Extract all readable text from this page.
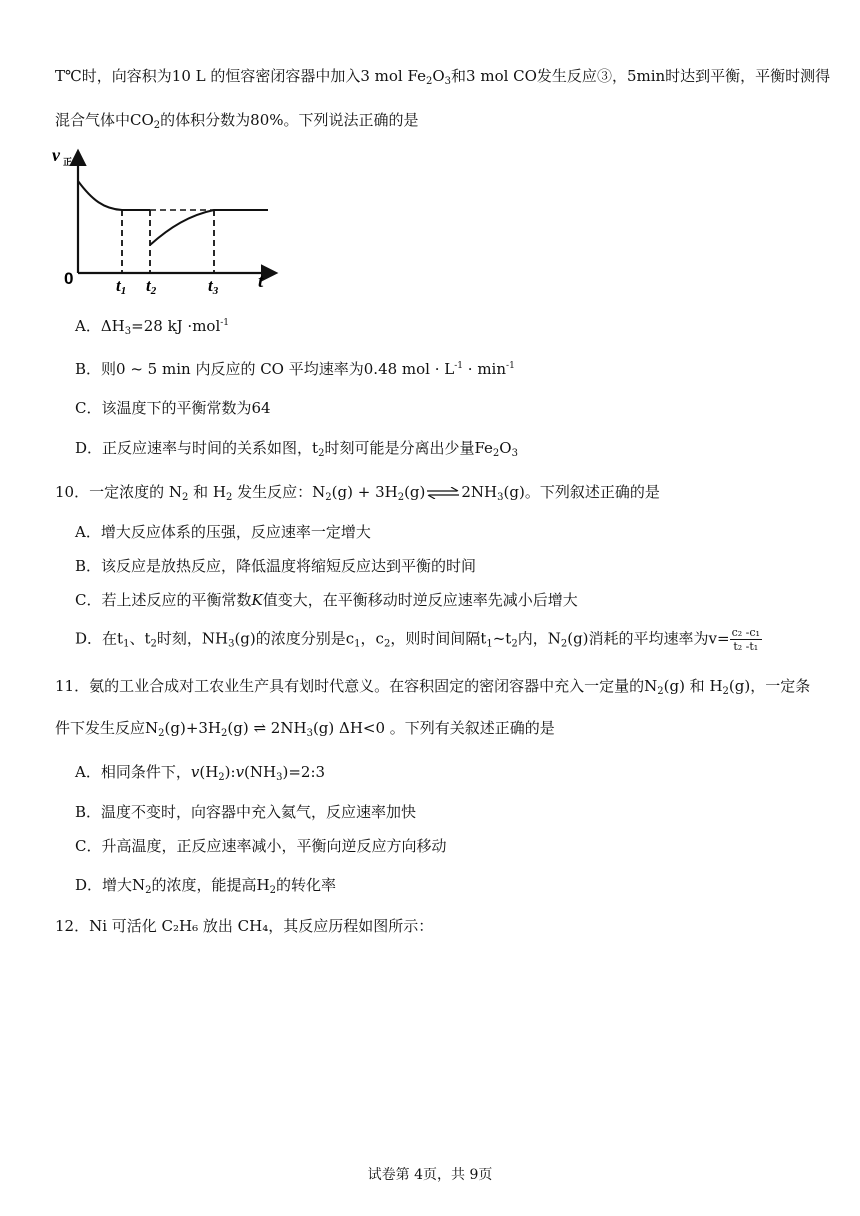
T℃时，向容积为10 L 的恒容密闭容器中加入3 mol $Fe_2O_3$和3 mol CO发生反应③，5min时达到平衡，平衡时测得
混合气体中$CO_2$的体积分数为80%。下列说法正确的是
v 正
0	t
t1 t2	t3
A．$\Delta H_3=28$ kJ ·mol$^{-1}$
B．则0 ~ 5 min 内反应的 CO 平均速率为0.48 mol · $L^{-1} \cdot \min^{-1}$
C．该温度下的平衡常数为64
D．正反应速率与时间的关系如图，$t_2$时刻可能是分离出少量$Fe_2O_3$
10．一定浓度的 $N_2$ 和 $H_2$ 发生反应：$N_2(g)$ + $3H_2(g)\rightleftharpoons 2NH_3(g)$。下列叙述正确的是
A．增大反应体系的压强，反应速率一定增大
B．该反应是放热反应，降低温度将缩短反应达到平衡的时间
C．若上述反应的平衡常数K值变大，在平衡移动时逆反应速率先减小后增大
D．在$t_1$、$t_2$时刻，$NH_3(g)$的浓度分别是$c_1$，$c_2$，则时间间隔$t_1\sim t_2$内，$N_2(g)$消耗的平均速率为$v= \frac{\text{c₂ -c₁}}{\text{t₂ -t₁}}$
11．氨的工业合成对工农业生产具有划时代意义。在容积固定的密闭容器中充入一定量的$N_2(g)$ 和 $H_2(g)$，一定条
件下发生反应$N_2(g)+3H_2(g)$ ⇌ $2NH_3(g)$ ΔH<0 。下列有关叙述正确的是
A．相同条件下，$v(H_2):v(NH_3)=2:3$
B．温度不变时，向容器中充入氦气，反应速率加快
C．升高温度，正反应速率减小，平衡向逆反应方向移动
D．增大$N_2$的浓度，能提高$H_2$的转化率
12．Ni 可活化 C₂H₆ 放出 CH₄，其反应历程如图所示：
试卷第 4页，共 9页
